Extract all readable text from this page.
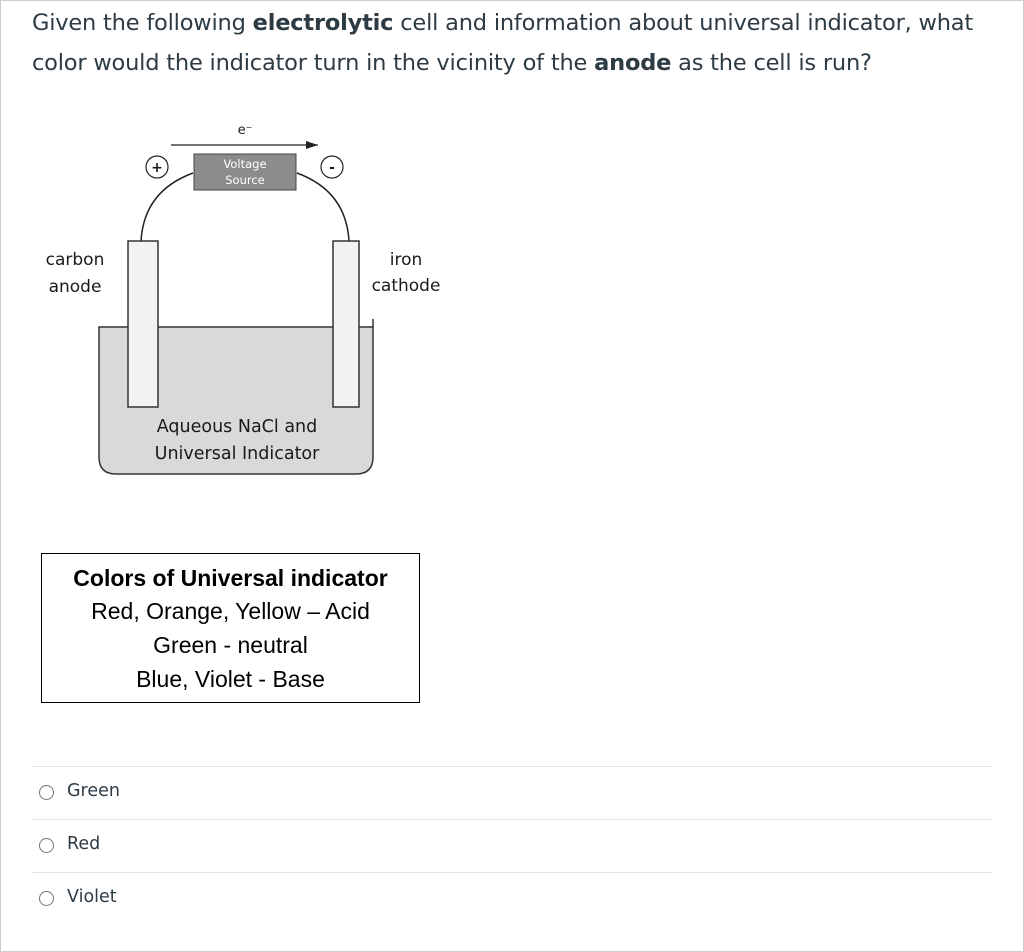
Given the following electrolytic cell and information about universal indicator, what color would the indicator turn in the vicinity of the anode as the cell is run?
e⁻
+	-
Voltage
Source
carbon
anode
iron
cathode
Aqueous NaCl and
Universal Indicator
Colors of Universal indicator
Red, Orange, Yellow – Acid
Green - neutral
Blue, Violet - Base
Green
Red
Violet
